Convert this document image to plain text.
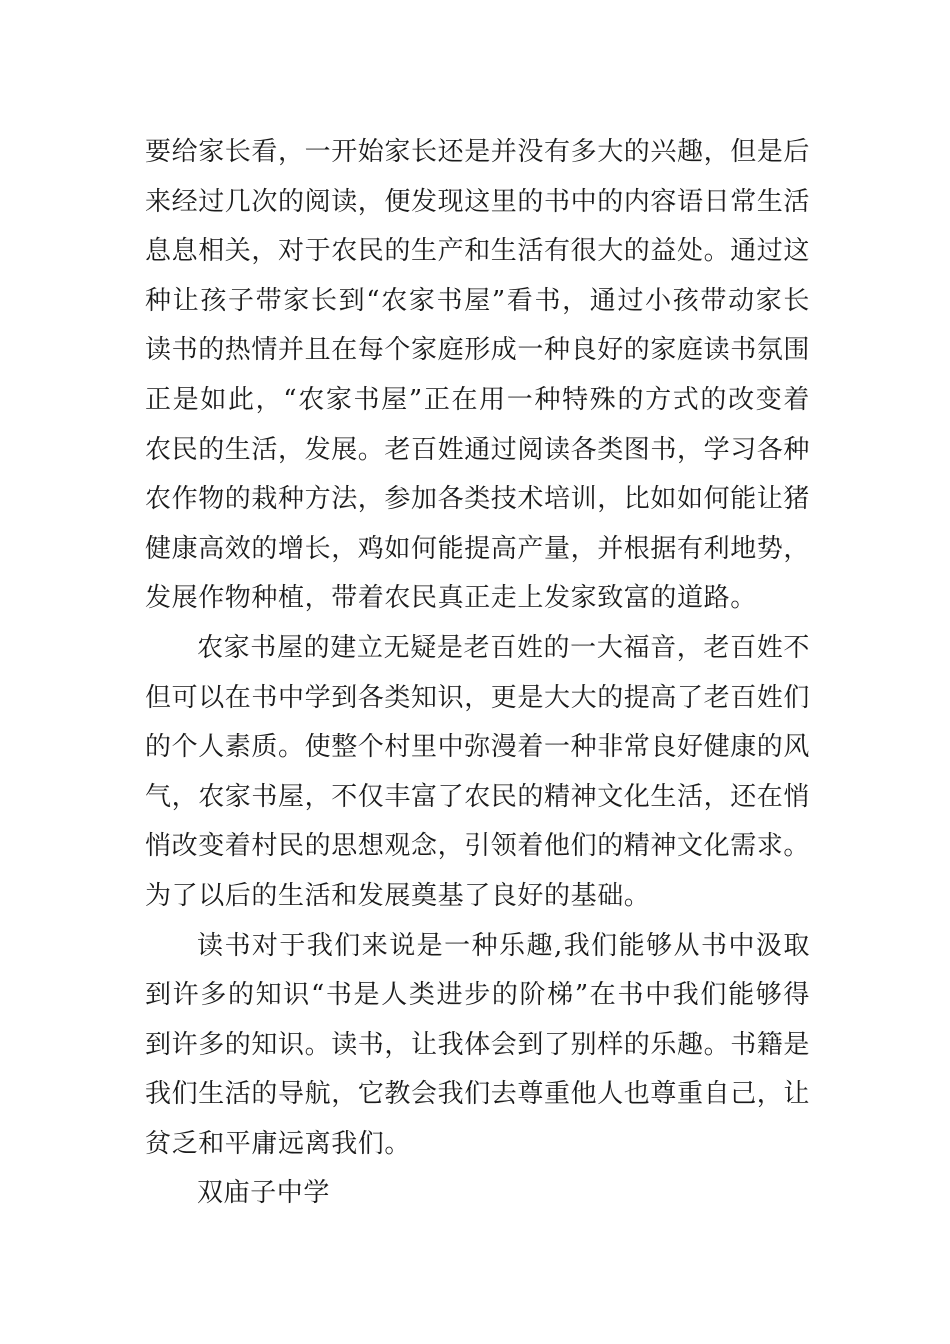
要给家长看，一开始家长还是并没有多大的兴趣，但是后来经过几次的阅读，便发现这里的书中的内容语日常生活息息相关，对于农民的生产和生活有很大的益处。通过这种让孩子带家长到“农家书屋”看书，通过小孩带动家长读书的热情并且在每个家庭形成一种良好的家庭读书氛围正是如此，“农家书屋”正在用一种特殊的方式的改变着农民的生活，发展。老百姓通过阅读各类图书，学习各种农作物的栽种方法，参加各类技术培训，比如如何能让猪健康高效的增长，鸡如何能提高产量，并根据有利地势，发展作物种植，带着农民真正走上发家致富的道路。

农家书屋的建立无疑是老百姓的一大福音，老百姓不但可以在书中学到各类知识，更是大大的提高了老百姓们的个人素质。使整个村里中弥漫着一种非常良好健康的风气，农家书屋，不仅丰富了农民的精神文化生活，还在悄悄改变着村民的思想观念，引领着他们的精神文化需求。为了以后的生活和发展奠基了良好的基础。

读书对于我们来说是一种乐趣,我们能够从书中汲取到许多的知识“书是人类进步的阶梯”在书中我们能够得到许多的知识。读书，让我体会到了别样的乐趣。书籍是我们生活的导航，它教会我们去尊重他人也尊重自己，让贫乏和平庸远离我们。

双庙子中学
